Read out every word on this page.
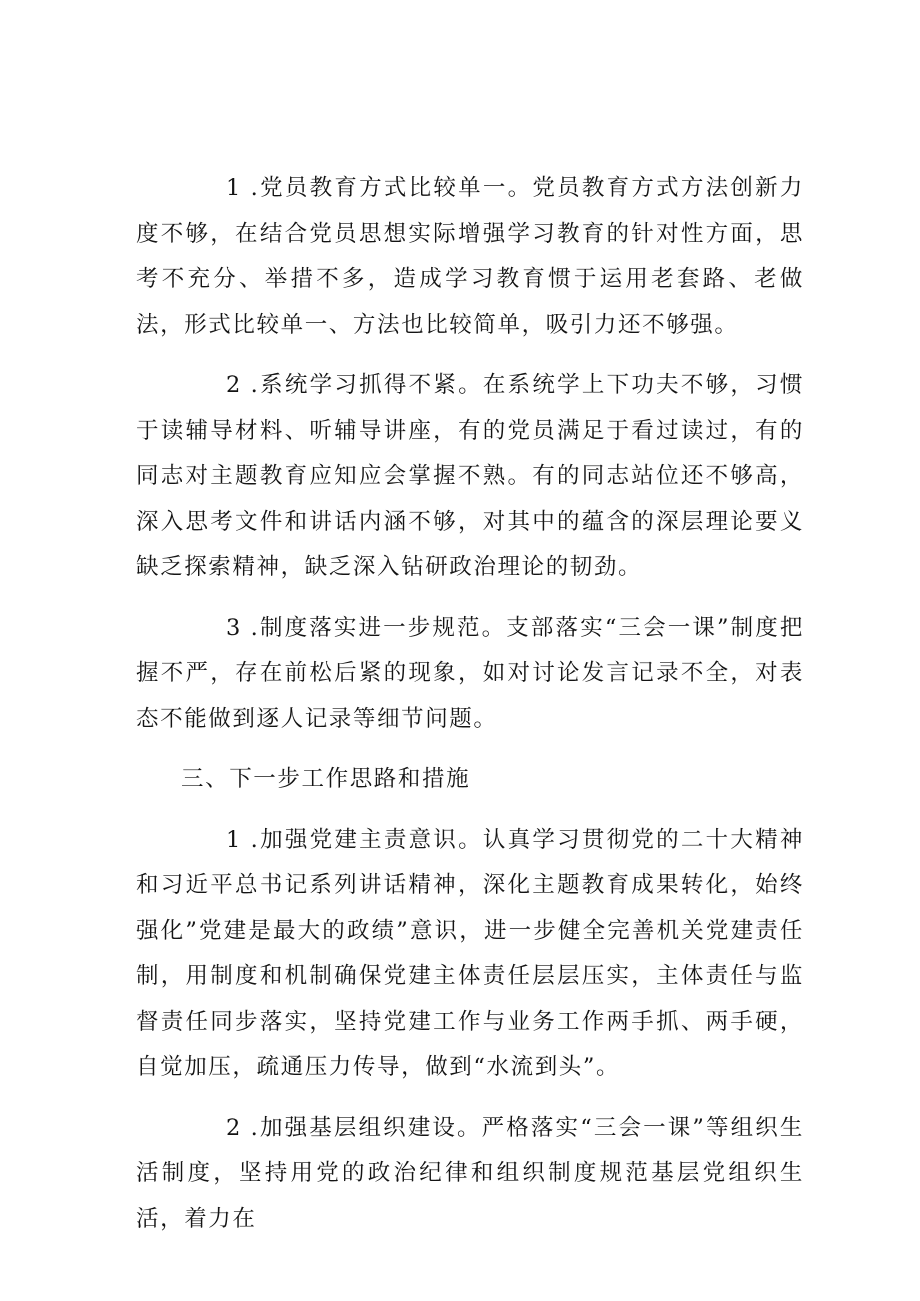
1 .党员教育方式比较单一。党员教育方式方法创新力度不够，在结合党员思想实际增强学习教育的针对性方面，思考不充分、举措不多，造成学习教育惯于运用老套路、老做法，形式比较单一、方法也比较简单，吸引力还不够强。

2 .系统学习抓得不紧。在系统学上下功夫不够，习惯于读辅导材料、听辅导讲座，有的党员满足于看过读过，有的同志对主题教育应知应会掌握不熟。有的同志站位还不够高，深入思考文件和讲话内涵不够，对其中的蕴含的深层理论要义缺乏探索精神，缺乏深入钻研政治理论的韧劲。

3 .制度落实进一步规范。支部落实“三会一课”制度把握不严，存在前松后紧的现象，如对讨论发言记录不全，对表态不能做到逐人记录等细节问题。

三、下一步工作思路和措施

1 .加强党建主责意识。认真学习贯彻党的二十大精神和习近平总书记系列讲话精神，深化主题教育成果转化，始终强化”党建是最大的政绩”意识，进一步健全完善机关党建责任制，用制度和机制确保党建主体责任层层压实，主体责任与监督责任同步落实，坚持党建工作与业务工作两手抓、两手硬，自觉加压，疏通压力传导，做到“水流到头”。

2 .加强基层组织建设。严格落实“三会一课”等组织生活制度，坚持用党的政治纪律和组织制度规范基层党组织生活，着力在
